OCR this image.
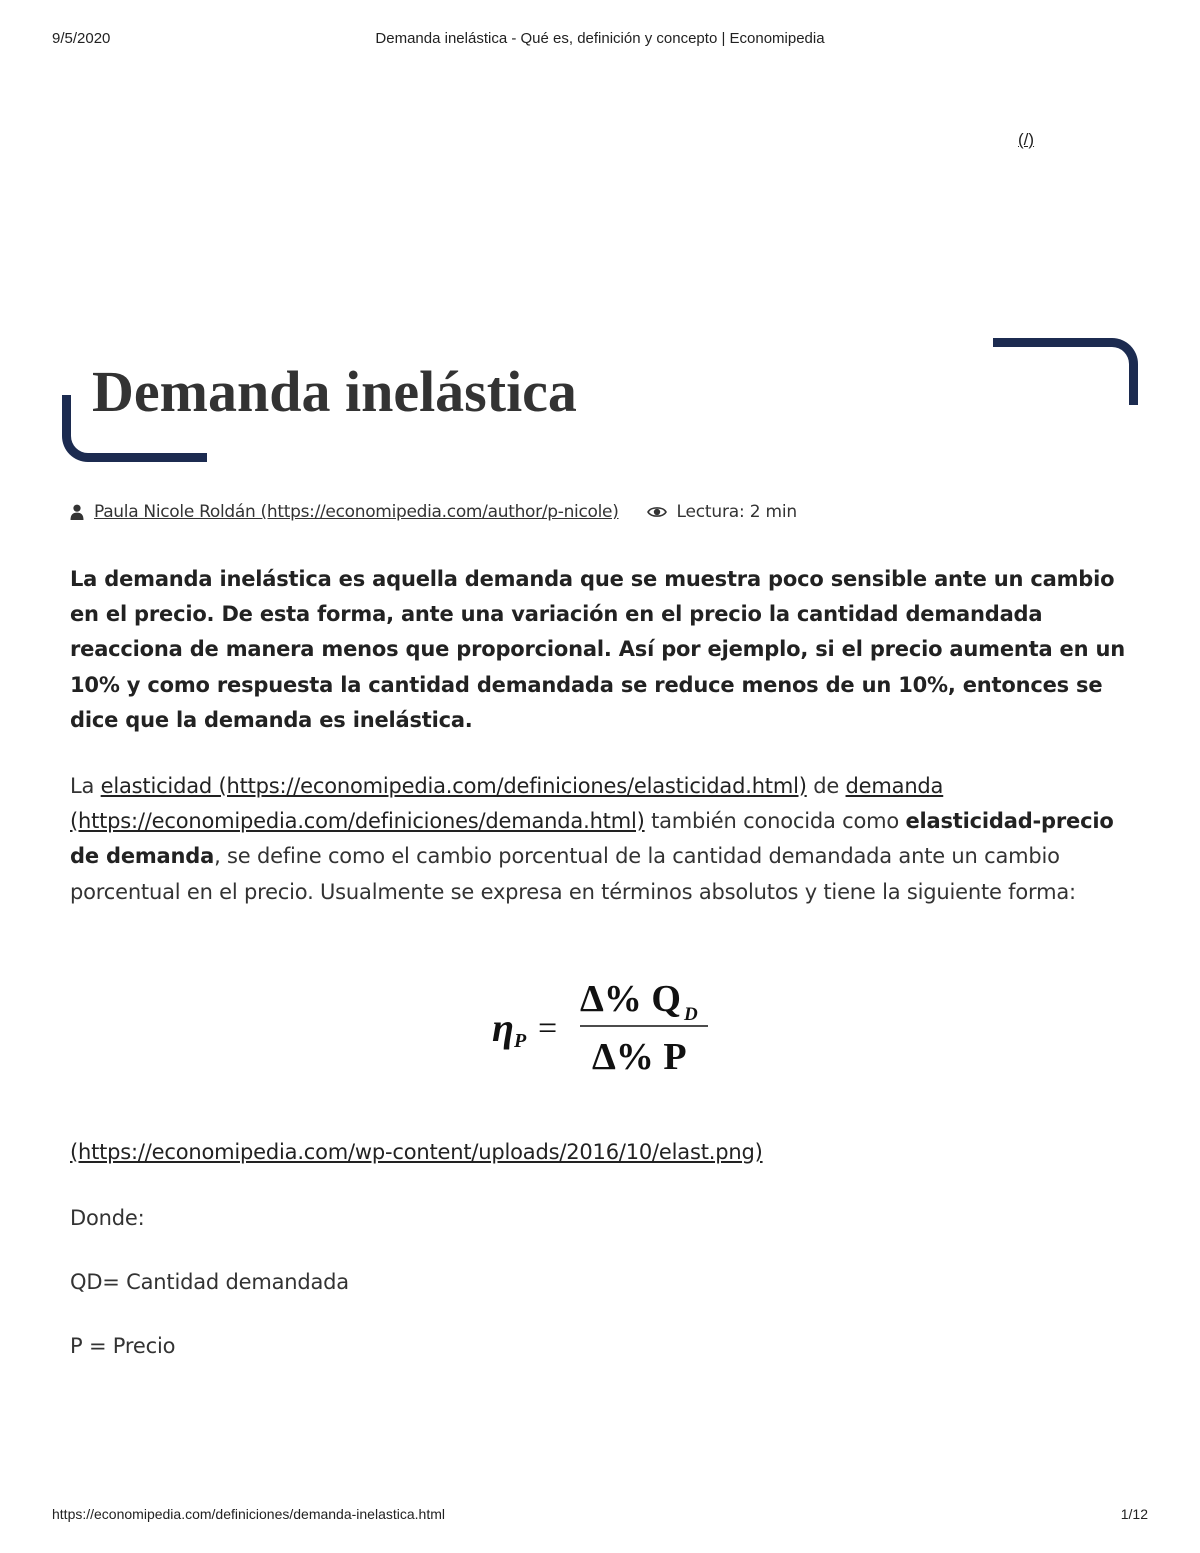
9/5/2020	Demanda inelástica - Qué es, definición y concepto | Economipedia
(/)
Demanda inelástica
Paula Nicole Roldán (https://economipedia.com/author/p-nicole)	Lectura: 2 min

La demanda inelástica es aquella demanda que se muestra poco sensible ante un cambio en el precio. De esta forma, ante una variación en el precio la cantidad demandada reacciona de manera menos que proporcional. Así por ejemplo, si el precio aumenta en un 10% y como respuesta la cantidad demandada se reduce menos de un 10%, entonces se dice que la demanda es inelástica.

La elasticidad (https://economipedia.com/definiciones/elasticidad.html) de demanda (https://economipedia.com/definiciones/demanda.html) también conocida como elasticidad-precio de demanda, se define como el cambio porcentual de la cantidad demandada ante un cambio porcentual en el precio. Usualmente se expresa en términos absolutos y tiene la siguiente forma:

η P =
Δ% Q D
Δ% P
(https://economipedia.com/wp-content/uploads/2016/10/elast.png)
Donde:
QD= Cantidad demandada
P = Precio
https://economipedia.com/definiciones/demanda-inelastica.html	1/12
